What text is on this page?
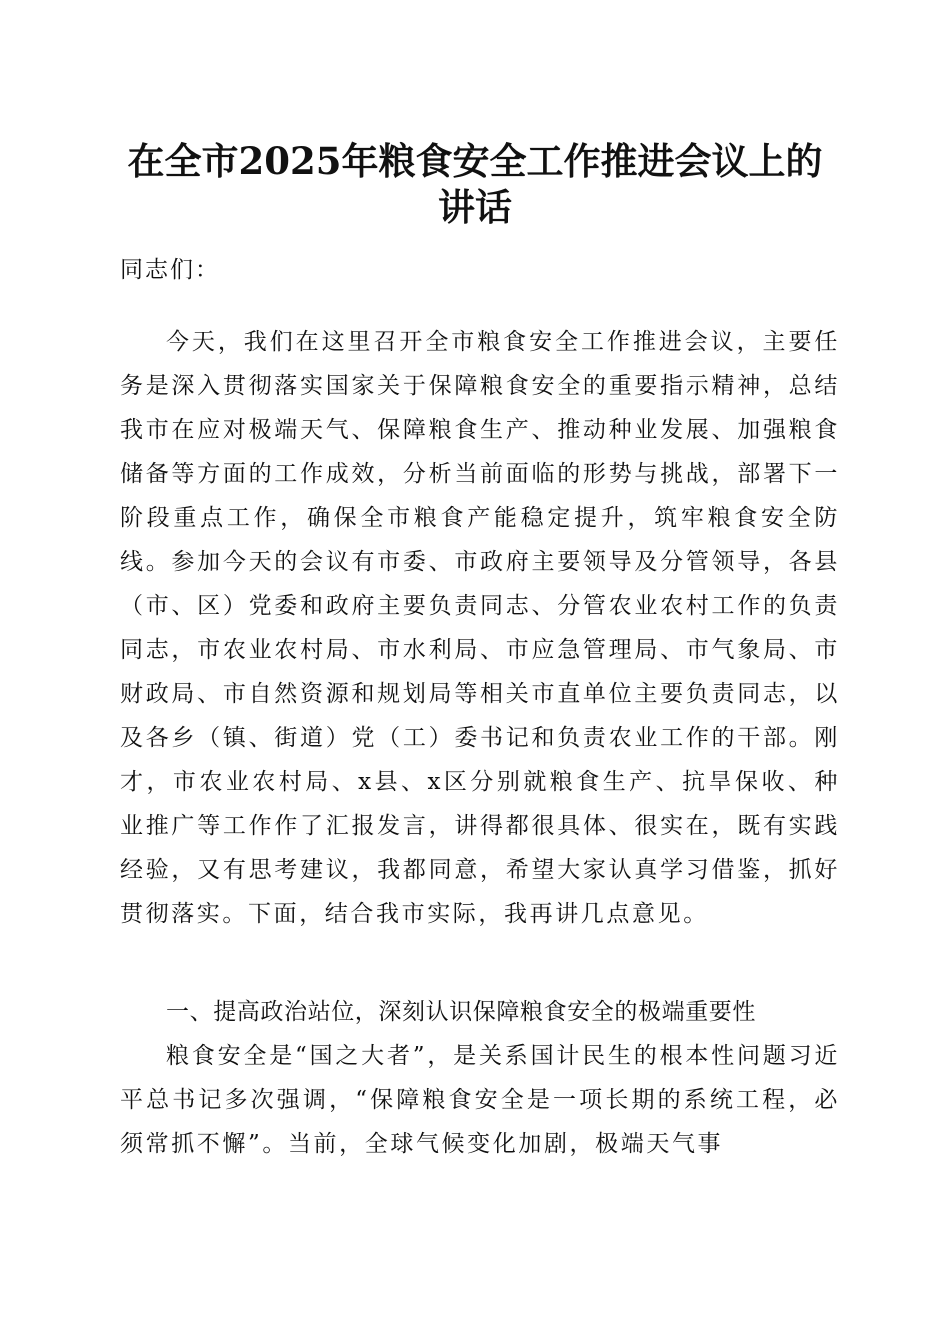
在全市2025年粮食安全工作推进会议上的讲话
同志们：

今天，我们在这里召开全市粮食安全工作推进会议，主要任务是深入贯彻落实国家关于保障粮食安全的重要指示精神，总结我市在应对极端天气、保障粮食生产、推动种业发展、加强粮食储备等方面的工作成效，分析当前面临的形势与挑战，部署下一阶段重点工作，确保全市粮食产能稳定提升，筑牢粮食安全防线。参加今天的会议有市委、市政府主要领导及分管领导，各县（市、区）党委和政府主要负责同志、分管农业农村工作的负责同志，市农业农村局、市水利局、市应急管理局、市气象局、市财政局、市自然资源和规划局等相关市直单位主要负责同志，以及各乡（镇、街道）党（工）委书记和负责农业工作的干部。刚才，市农业农村局、x县、x区分别就粮食生产、抗旱保收、种业推广等工作作了汇报发言，讲得都很具体、很实在，既有实践经验，又有思考建议，我都同意，希望大家认真学习借鉴，抓好贯彻落实。下面，结合我市实际，我再讲几点意见。

一、提高政治站位，深刻认识保障粮食安全的极端重要性

粮食安全是“国之大者”，是关系国计民生的根本性问题习近平总书记多次强调，“保障粮食安全是一项长期的系统工程，必须常抓不懈”。当前，全球气候变化加剧，极端天气事
